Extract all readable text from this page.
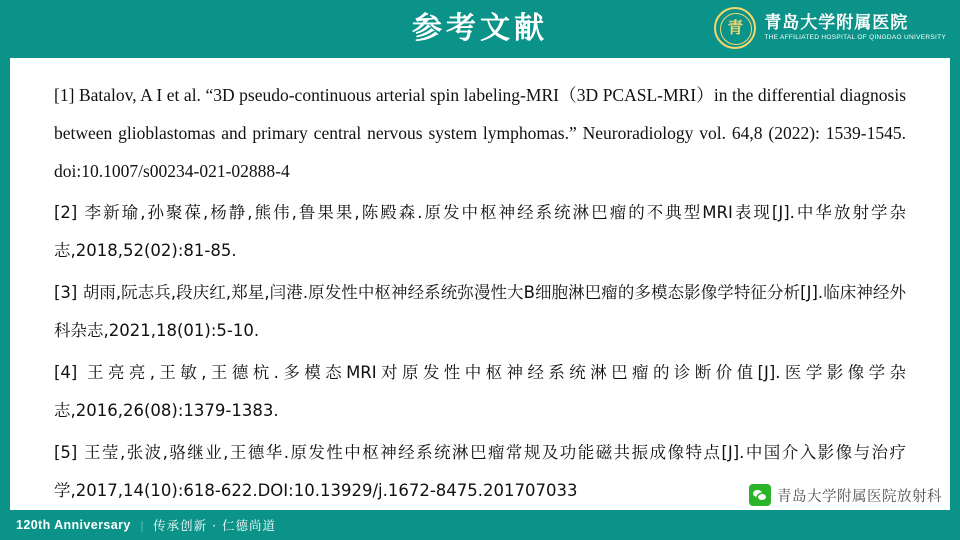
参考文献	青	青岛大学附属医院
THE AFFILIATED HOSPITAL OF QINGDAO UNIVERSITY

[1] Batalov, A I et al. “3D pseudo-continuous arterial spin labeling-MRI（3D PCASL-MRI）in the differential diagnosis between glioblastomas and primary central nervous system lymphomas.” Neuroradiology vol. 64,8 (2022): 1539-1545. doi:10.1007/s00234-021-02888-4

[2] 李新瑜,孙聚葆,杨静,熊伟,鲁果果,陈殿森.原发中枢神经系统淋巴瘤的不典型MRI表现[J].中华放射学杂志,2018,52(02):81-85.

[3] 胡雨,阮志兵,段庆红,郑星,闫港.原发性中枢神经系统弥漫性大B细胞淋巴瘤的多模态影像学特征分析[J].临床神经外科杂志,2021,18(01):5-10.

[4] 王亮亮,王敏,王德杭.多模态MRI对原发性中枢神经系统淋巴瘤的诊断价值[J].医学影像学杂志,2016,26(08):1379-1383.

[5] 王莹,张波,骆继业,王德华.原发性中枢神经系统淋巴瘤常规及功能磁共振成像特点[J].中国介入影像与治疗学,2017,14(10):618-622.DOI:10.13929/j.1672-8475.201707033	青岛大学附属医院放射科
120th Anniversary | 传承创新 · 仁德尚道
